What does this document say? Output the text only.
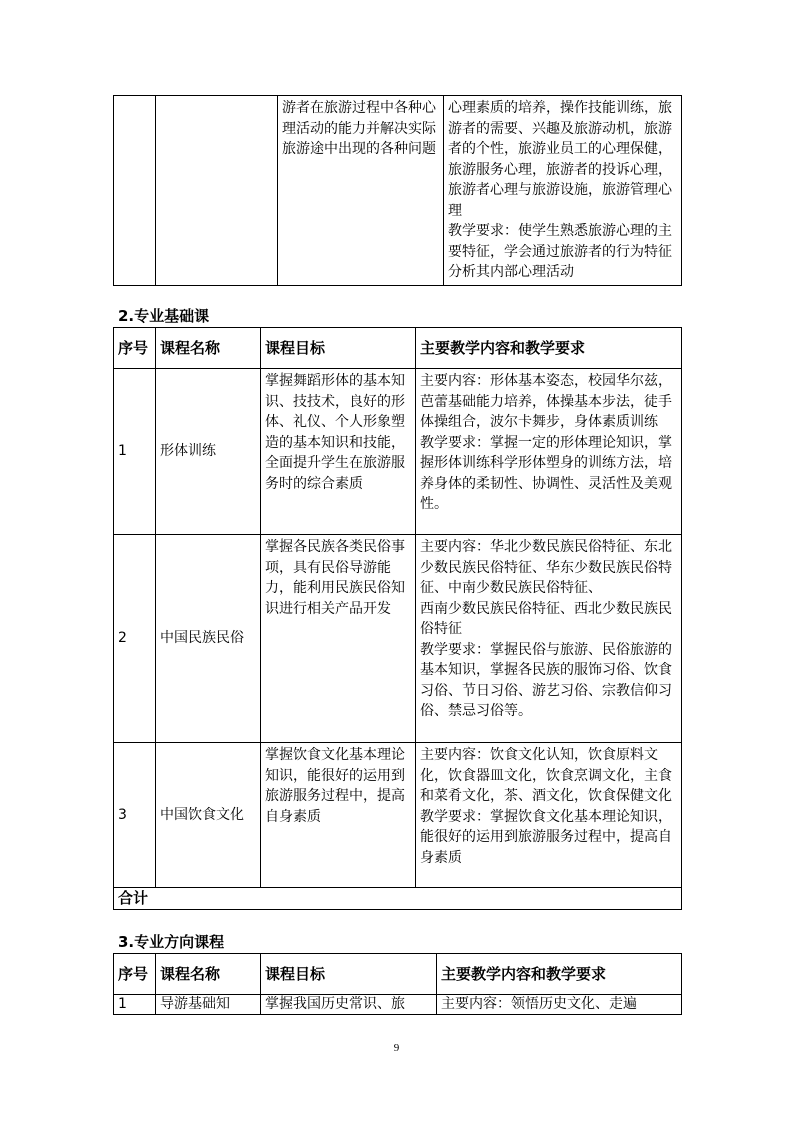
		游者在旅游过程中各种心理活动的能力并解决实际旅游途中出现的各种问题	心理素质的培养，操作技能训练，旅游者的需要、兴趣及旅游动机，旅游者的个性，旅游业员工的心理保健，旅游服务心理，旅游者的投诉心理，旅游者心理与旅游设施，旅游管理心理
教学要求：使学生熟悉旅游心理的主要特征，学会通过旅游者的行为特征分析其内部心理活动
2.专业基础课
序号	课程名称	课程目标	主要教学内容和教学要求
1	形体训练	掌握舞蹈形体的基本知识、技技术，良好的形体、礼仪、个人形象塑造的基本知识和技能，全面提升学生在旅游服务时的综合素质	主要内容：形体基本姿态，校园华尔兹，芭蕾基础能力培养，体操基本步法，徒手体操组合，波尔卡舞步，身体素质训练
教学要求：掌握一定的形体理论知识，掌握形体训练科学形体塑身的训练方法，培养身体的柔韧性、协调性、灵活性及美观性。
2	中国民族民俗	掌握各民族各类民俗事项，具有民俗导游能力，能利用民族民俗知识进行相关产品开发	主要内容：华北少数民族民俗特征、东北少数民族民俗特征、华东少数民族民俗特征、中南少数民族民俗特征、
西南少数民族民俗特征、西北少数民族民俗特征
教学要求：掌握民俗与旅游、民俗旅游的基本知识，掌握各民族的服饰习俗、饮食习俗、节日习俗、游艺习俗、宗教信仰习俗、禁忌习俗等。
3	中国饮食文化	掌握饮食文化基本理论知识，能很好的运用到旅游服务过程中，提高自身素质	主要内容：饮食文化认知，饮食原料文化，饮食器皿文化，饮食烹调文化，主食和菜肴文化，茶、酒文化，饮食保健文化
教学要求：掌握饮食文化基本理论知识，能很好的运用到旅游服务过程中，提高自身素质
合计			
3.专业方向课程
序号	课程名称	课程目标	主要教学内容和教学要求
1	导游基础知	掌握我国历史常识、旅	主要内容：领悟历史文化、走遍
9
